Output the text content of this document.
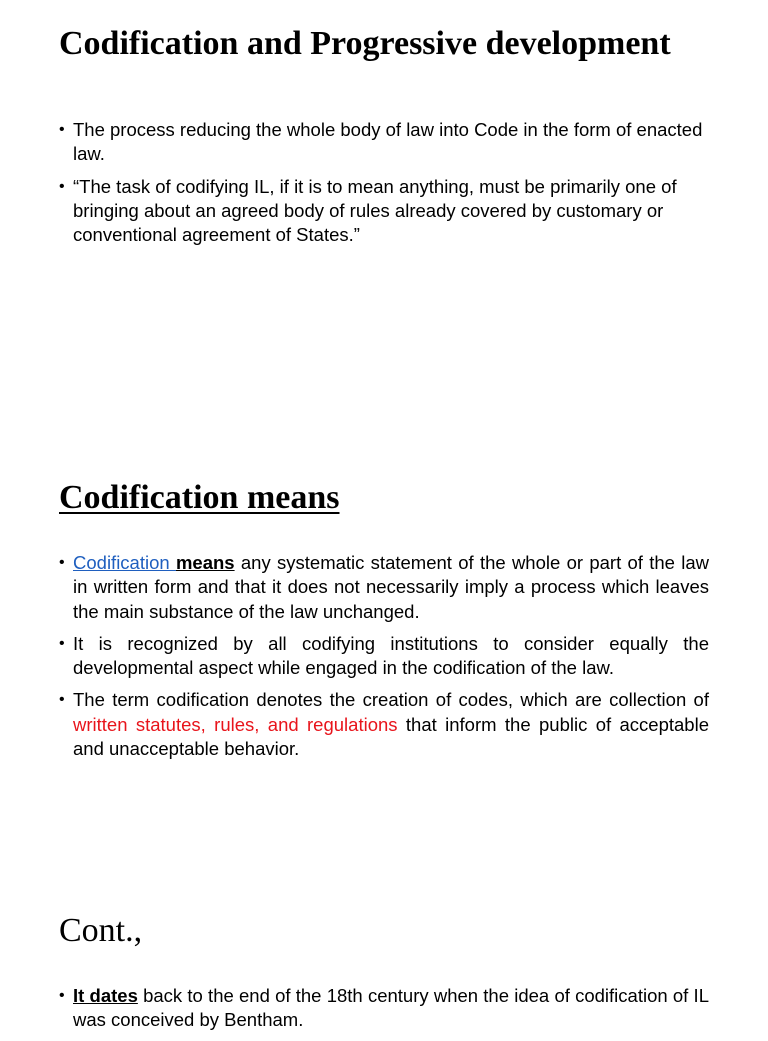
Codification and Progressive development
• The process reducing the whole body of law into Code in the form of enacted law.
• “The task of codifying IL, if it is to mean anything, must be primarily one of bringing about an agreed body of rules already covered by customary or conventional agreement of States.”
Codification means
• Codification means any systematic statement of the whole or part of the law in written form and that it does not necessarily imply a process which leaves the main substance of the law unchanged.
• It is recognized by all codifying institutions to consider equally the developmental aspect while engaged in the codification of the law.
• The term codification denotes the creation of codes, which are collection of written statutes, rules, and regulations that inform the public of acceptable and unacceptable behavior.
Cont.,
• It dates back to the end of the 18th century when the idea of codification of IL was conceived by Bentham.
